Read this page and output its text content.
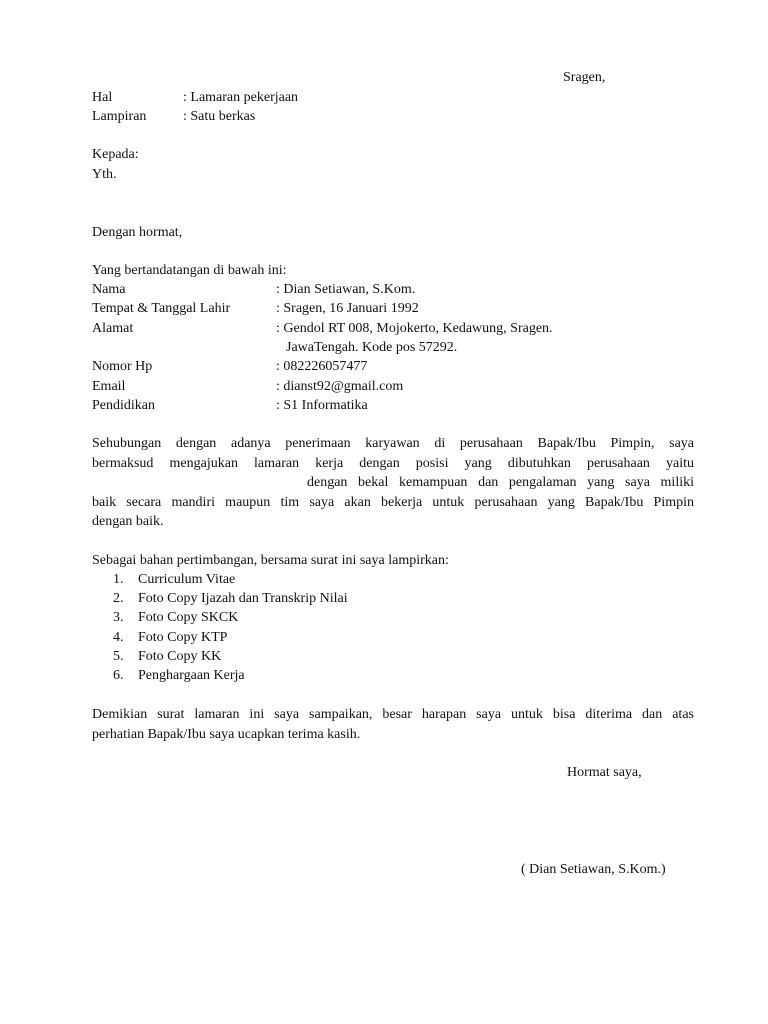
Sragen,
Hal	: Lamaran pekerjaan
Lampiran	: Satu berkas
Kepada:
Yth.
Dengan hormat,
Yang bertandatangan di bawah ini:
Nama	: Dian Setiawan, S.Kom.
Tempat & Tanggal Lahir	: Sragen, 16 Januari 1992
Alamat	: Gendol RT 008, Mojokerto, Kedawung, Sragen.
JawaTengah. Kode pos 57292.
Nomor Hp	: 082226057477
Email	: dianst92@gmail.com
Pendidikan	: S1 Informatika
Sehubungan dengan adanya penerimaan karyawan di perusahaan Bapak/Ibu Pimpin, saya
bermaksud mengajukan lamaran kerja dengan posisi yang dibutuhkan perusahaan yaitu
dengan bekal kemampuan dan pengalaman yang saya miliki
baik secara mandiri maupun tim saya akan bekerja untuk perusahaan yang Bapak/Ibu Pimpin
dengan baik.
Sebagai bahan pertimbangan, bersama surat ini saya lampirkan:
1. Curriculum Vitae
2. Foto Copy Ijazah dan Transkrip Nilai
3. Foto Copy SKCK
4. Foto Copy KTP
5. Foto Copy KK
6. Penghargaan Kerja
Demikian surat lamaran ini saya sampaikan, besar harapan saya untuk bisa diterima dan atas
perhatian Bapak/Ibu saya ucapkan terima kasih.
Hormat saya,
( Dian Setiawan, S.Kom.)
